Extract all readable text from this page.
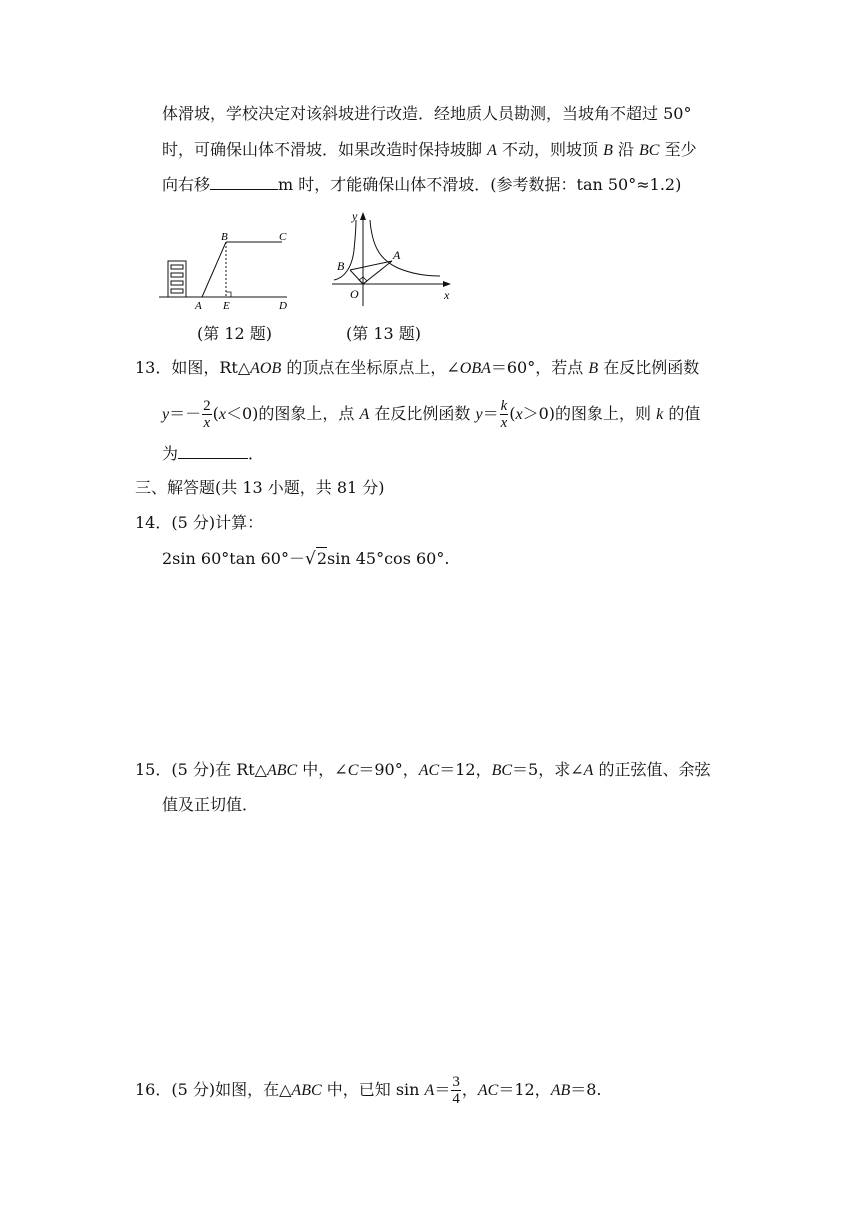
体滑坡，学校决定对该斜坡进行改造．经地质人员勘测，当坡角不超过 50°
时，可确保山体不滑坡．如果改造时保持坡脚 A 不动，则坡顶 B 沿 BC 至少
向右移	m 时，才能确保山体不滑坡．(参考数据：tan 50°≈1.2)
B	C
A E	D
y
x
O
A
B
(第 12 题)	(第 13 题)
13．如图，Rt△AOB 的顶点在坐标原点上，∠OBA＝60°，若点 B 在反比例函数
$y=- \frac{2}{x} (x<0)$的图象上，点 A 在反比例函数 $y= \frac{k}{x} (x>0)$的图象上，则 k 的值
为	．
三、解答题(共 13 小题，共 81 分)
14．(5 分)计算：
2sin 60°tan 60°－√2sin 45°cos 60°.
15．(5 分)在 Rt△ABC 中，∠C＝90°，AC＝12，BC＝5，求∠A 的正弦值、余弦
值及正切值．
16．(5 分)如图，在△ABC 中，已知 $\sin A= \frac{3}{4}$ ，AC＝12，AB＝8.
